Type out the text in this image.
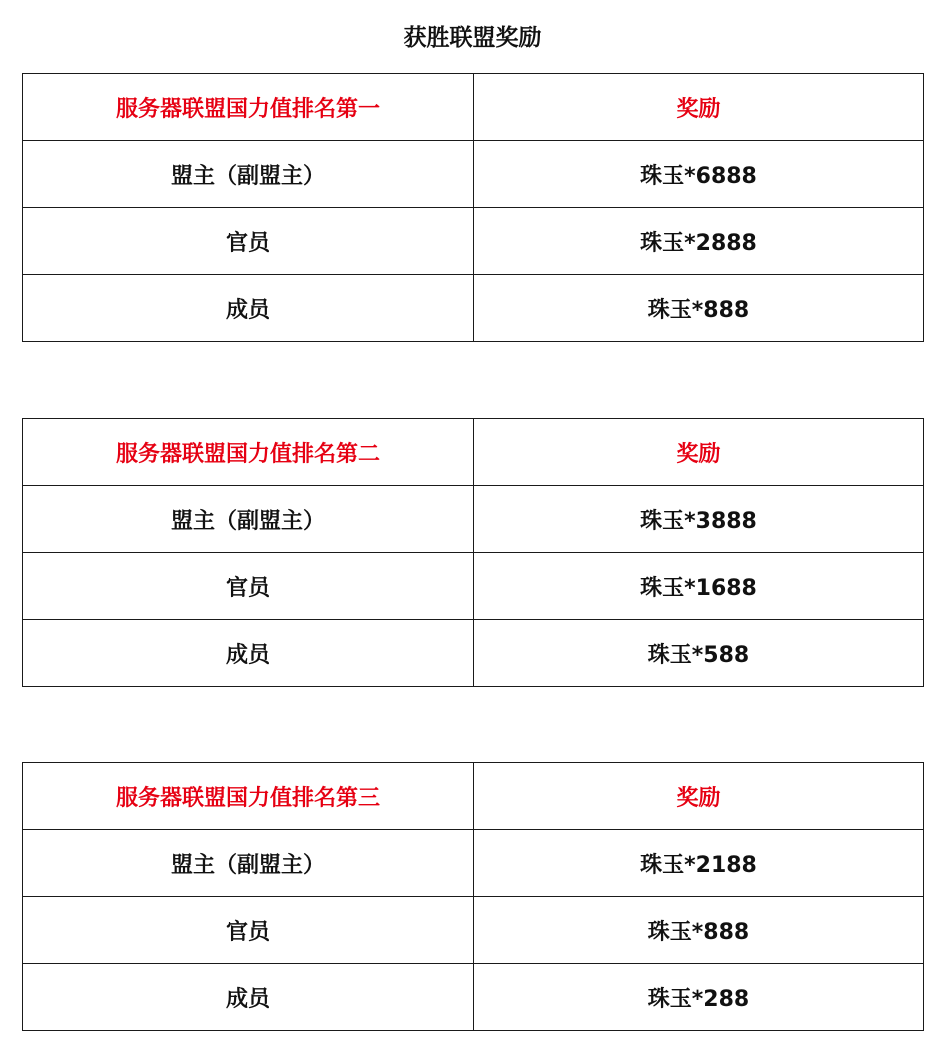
获胜联盟奖励
服务器联盟国力值排名第一	奖励
盟主（副盟主）	珠玉*6888
官员	珠玉*2888
成员	珠玉*888
服务器联盟国力值排名第二	奖励
盟主（副盟主）	珠玉*3888
官员	珠玉*1688
成员	珠玉*588
服务器联盟国力值排名第三	奖励
盟主（副盟主）	珠玉*2188
官员	珠玉*888
成员	珠玉*288
